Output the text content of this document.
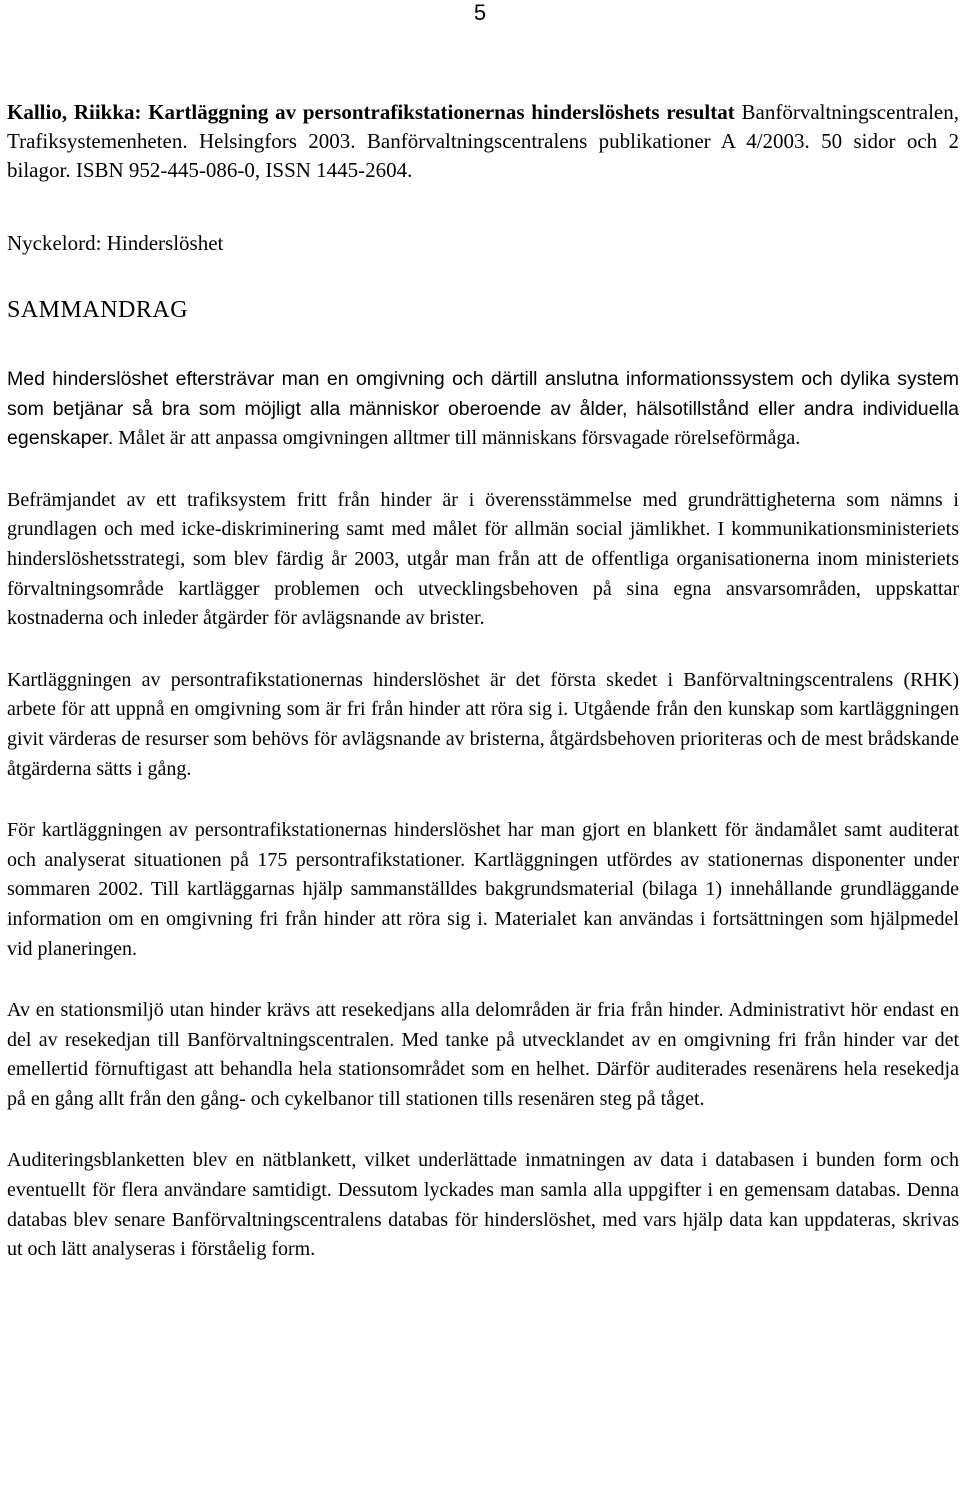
5

Kallio, Riikka: Kartläggning av persontrafikstationernas hinderslöshets resultat Banförvaltningscentralen, Trafiksystemenheten. Helsingfors 2003. Banförvaltningscentralens publikationer A 4/2003. 50 sidor och 2 bilagor. ISBN 952-445-086-0, ISSN 1445-2604.

Nyckelord: Hinderslöshet

SAMMANDRAG

Med hinderslöshet eftersträvar man en omgivning och därtill anslutna informationssystem och dylika system som betjänar så bra som möjligt alla människor oberoende av ålder, hälsotillstånd eller andra individuella egenskaper. Målet är att anpassa omgivningen alltmer till människans försvagade rörelseförmåga.

Befrämjandet av ett trafiksystem fritt från hinder är i överensstämmelse med grundrättigheterna som nämns i grundlagen och med icke-diskriminering samt med målet för allmän social jämlikhet. I kommunikationsministeriets hinderslöshetsstrategi, som blev färdig år 2003, utgår man från att de offentliga organisationerna inom ministeriets förvaltningsområde kartlägger problemen och utvecklingsbehoven på sina egna ansvarsområden, uppskattar kostnaderna och inleder åtgärder för avlägsnande av brister.

Kartläggningen av persontrafikstationernas hinderslöshet är det första skedet i Banförvaltningscentralens (RHK) arbete för att uppnå en omgivning som är fri från hinder att röra sig i. Utgående från den kunskap som kartläggningen givit värderas de resurser som behövs för avlägsnande av bristerna, åtgärdsbehoven prioriteras och de mest brådskande åtgärderna sätts i gång.

För kartläggningen av persontrafikstationernas hinderslöshet har man gjort en blankett för ändamålet samt auditerat och analyserat situationen på 175 persontrafikstationer. Kartläggningen utfördes av stationernas disponenter under sommaren 2002. Till kartläggarnas hjälp sammanställdes bakgrundsmaterial (bilaga 1) innehållande grundläggande information om en omgivning fri från hinder att röra sig i. Materialet kan användas i fortsättningen som hjälpmedel vid planeringen.

Av en stationsmiljö utan hinder krävs att resekedjans alla delområden är fria från hinder. Administrativt hör endast en del av resekedjan till Banförvaltningscentralen. Med tanke på utvecklandet av en omgivning fri från hinder var det emellertid förnuftigast att behandla hela stationsområdet som en helhet. Därför auditerades resenärens hela resekedja på en gång allt från den gång- och cykelbanor till stationen tills resenären steg på tåget.

Auditeringsblanketten blev en nätblankett, vilket underlättade inmatningen av data i databasen i bunden form och eventuellt för flera användare samtidigt. Dessutom lyckades man samla alla uppgifter i en gemensam databas. Denna databas blev senare Banförvaltningscentralens databas för hinderslöshet, med vars hjälp data kan uppdateras, skrivas ut och lätt analyseras i förståelig form.
